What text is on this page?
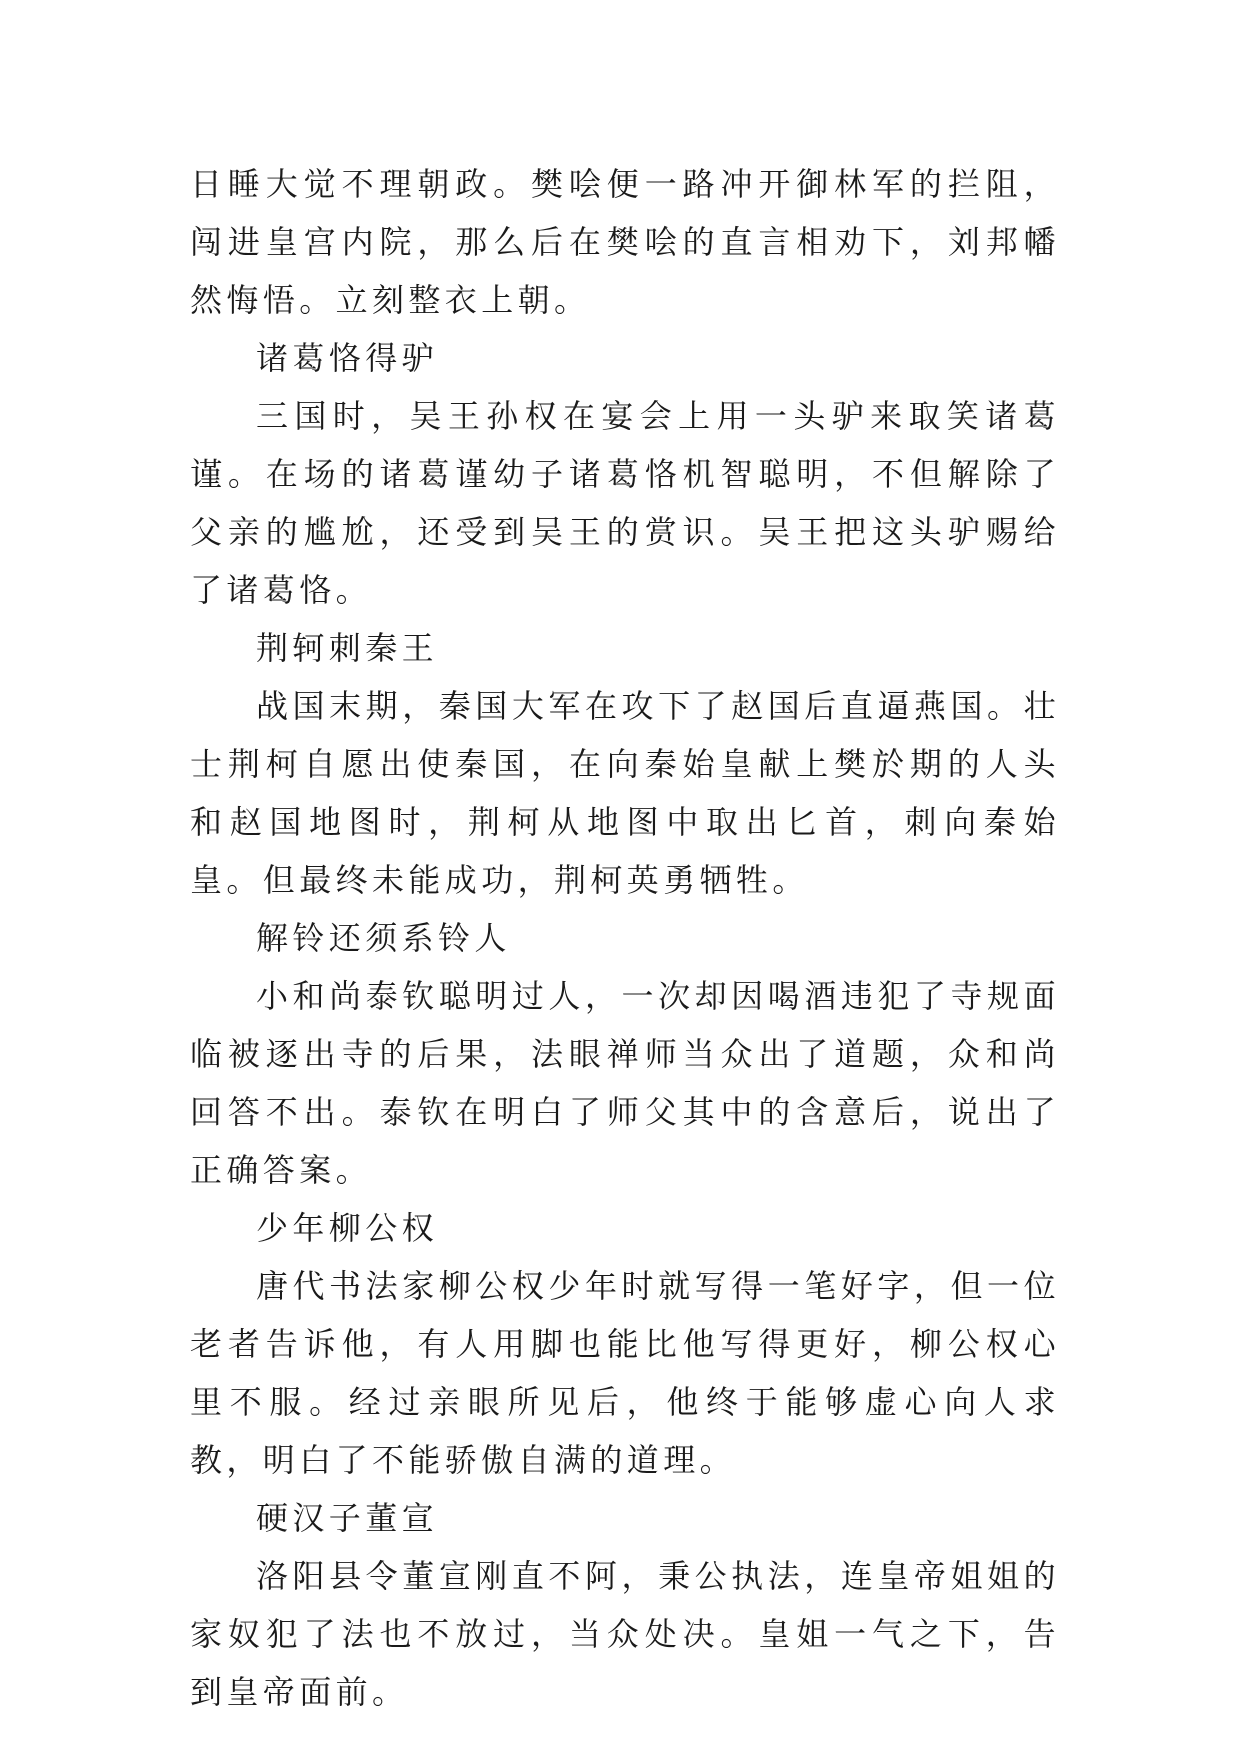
日睡大觉不理朝政。樊哙便一路冲开御林军的拦阻，闯进皇宫内院，那么后在樊哙的直言相劝下，刘邦幡然悔悟。立刻整衣上朝。

诸葛恪得驴

三国时，吴王孙权在宴会上用一头驴来取笑诸葛谨。在场的诸葛谨幼子诸葛恪机智聪明，不但解除了父亲的尴尬，还受到吴王的赏识。吴王把这头驴赐给了诸葛恪。

荆轲刺秦王

战国末期，秦国大军在攻下了赵国后直逼燕国。壮士荆柯自愿出使秦国，在向秦始皇献上樊於期的人头和赵国地图时，荆柯从地图中取出匕首，刺向秦始皇。但最终未能成功，荆柯英勇牺牲。

解铃还须系铃人

小和尚泰钦聪明过人，一次却因喝酒违犯了寺规面临被逐出寺的后果，法眼禅师当众出了道题，众和尚回答不出。泰钦在明白了师父其中的含意后，说出了正确答案。

少年柳公权

唐代书法家柳公权少年时就写得一笔好字，但一位老者告诉他，有人用脚也能比他写得更好，柳公权心里不服。经过亲眼所见后，他终于能够虚心向人求教，明白了不能骄傲自满的道理。

硬汉子董宣

洛阳县令董宣刚直不阿，秉公执法，连皇帝姐姐的家奴犯了法也不放过，当众处决。皇姐一气之下，告到皇帝面前。
